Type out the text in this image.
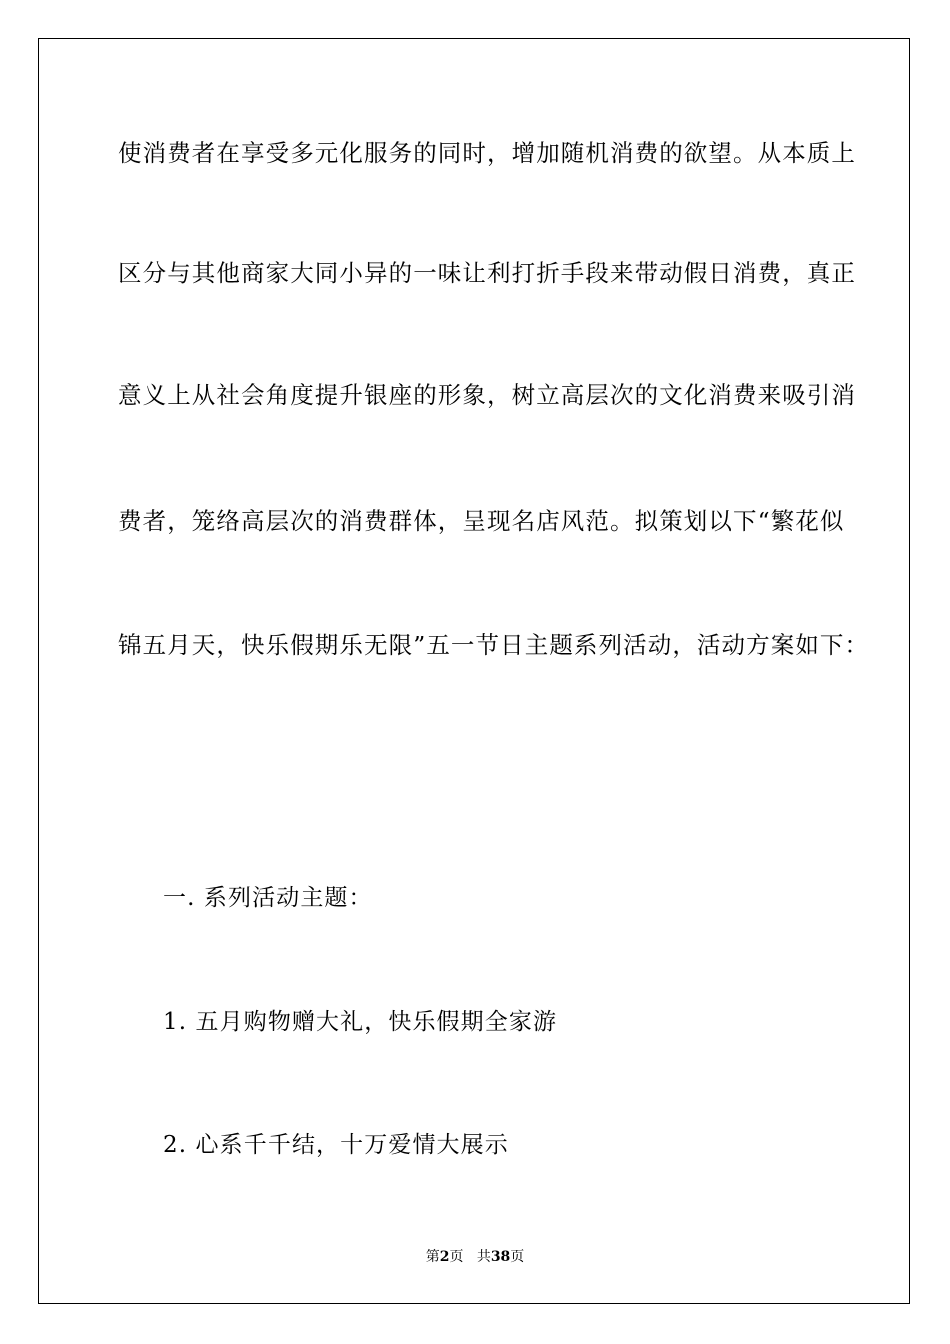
使消费者在享受多元化服务的同时，增加随机消费的欲望。从本质上
区分与其他商家大同小异的一味让利打折手段来带动假日消费，真正
意义上从社会角度提升银座的形象，树立高层次的文化消费来吸引消
费者，笼络高层次的消费群体，呈现名店风范。拟策划以下“繁花似
锦五月天，快乐假期乐无限”五一节日主题系列活动，活动方案如下：
一. 系列活动主题：
1. 五月购物赠大礼，快乐假期全家游
2. 心系千千结，十万爱情大展示
第2页 共38页
